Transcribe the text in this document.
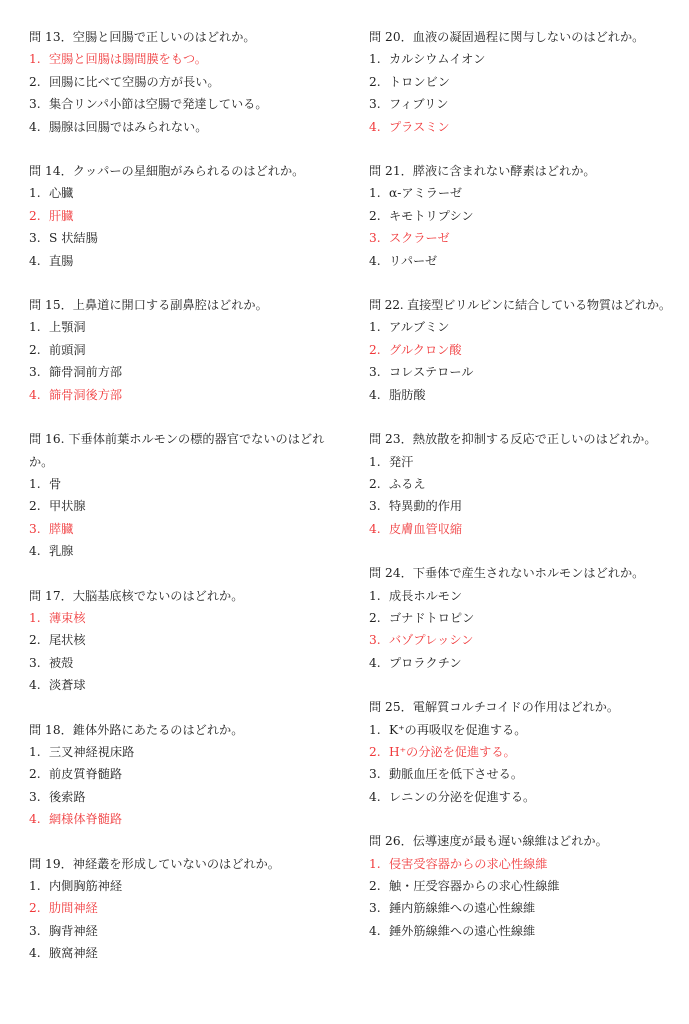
問 13．空腸と回腸で正しいのはどれか。
1. 空腸と回腸は腸間膜をもつ。
2. 回腸に比べて空腸の方が長い。
3. 集合リンパ小節は空腸で発達している。
4. 腸腺は回腸ではみられない。
問 14．クッパーの星細胞がみられるのはどれか。
1. 心臓
2. 肝臓
3. S 状結腸
4. 直腸
問 15．上鼻道に開口する副鼻腔はどれか。
1. 上顎洞
2. 前頭洞
3. 篩骨洞前方部
4. 篩骨洞後方部
問 16. 下垂体前葉ホルモンの標的器官でないのはどれか。
1. 骨
2. 甲状腺
3. 膵臓
4. 乳腺
問 17．大脳基底核でないのはどれか。
1. 薄束核
2. 尾状核
3. 被殻
4. 淡蒼球
問 18．錐体外路にあたるのはどれか。
1. 三叉神経視床路
2. 前皮質脊髄路
3. 後索路
4. 網様体脊髄路
問 19．神経叢を形成していないのはどれか。
1. 内側胸筋神経
2. 肋間神経
3. 胸背神経
4. 腋窩神経
問 20．血液の凝固過程に関与しないのはどれか。
1. カルシウムイオン
2. トロンビン
3. フィブリン
4. プラスミン
問 21．膵液に含まれない酵素はどれか。
1. α-アミラーゼ
2. キモトリプシン
3. スクラーゼ
4. リパーゼ
問 22. 直接型ビリルビンに結合している物質はどれか。
1. アルブミン
2. グルクロン酸
3. コレステロール
4. 脂肪酸
問 23．熱放散を抑制する反応で正しいのはどれか。
1. 発汗
2. ふるえ
3. 特異動的作用
4. 皮膚血管収縮
問 24．下垂体で産生されないホルモンはどれか。
1. 成長ホルモン
2. ゴナドトロピン
3. バゾプレッシン
4. プロラクチン
問 25．電解質コルチコイドの作用はどれか。
1. K⁺の再吸収を促進する。
2. H⁺の分泌を促進する。
3. 動脈血圧を低下させる。
4. レニンの分泌を促進する。
問 26．伝導速度が最も遅い線維はどれか。
1. 侵害受容器からの求心性線維
2. 触・圧受容器からの求心性線維
3. 錘内筋線維への遠心性線維
4. 錘外筋線維への遠心性線維
